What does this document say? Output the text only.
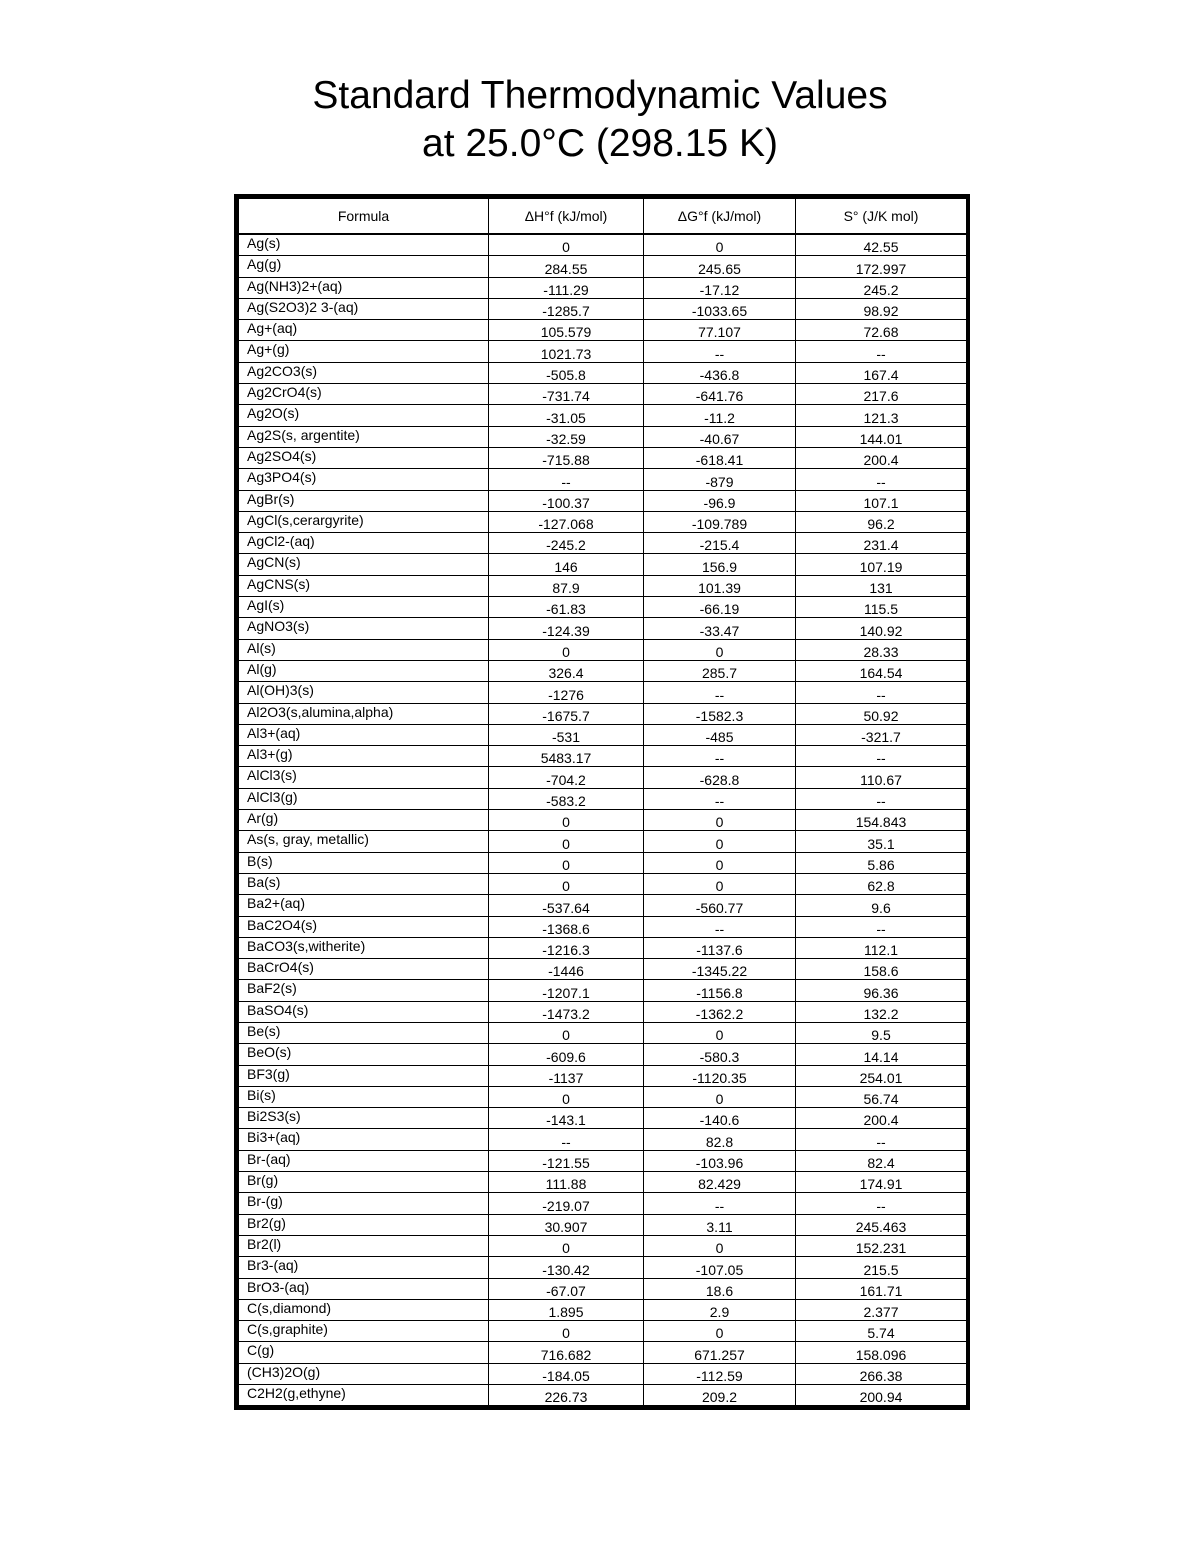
Standard Thermodynamic Values
at 25.0°C (298.15 K)
Formula	ΔH°f (kJ/mol)	ΔG°f (kJ/mol)	S° (J/K mol)
Ag(s)	0	0	42.55
Ag(g)	284.55	245.65	172.997
Ag(NH3)2+(aq)	-111.29	-17.12	245.2
Ag(S2O3)2 3-(aq)	-1285.7	-1033.65	98.92
Ag+(aq)	105.579	77.107	72.68
Ag+(g)	1021.73	--	--
Ag2CO3(s)	-505.8	-436.8	167.4
Ag2CrO4(s)	-731.74	-641.76	217.6
Ag2O(s)	-31.05	-11.2	121.3
Ag2S(s, argentite)	-32.59	-40.67	144.01
Ag2SO4(s)	-715.88	-618.41	200.4
Ag3PO4(s)	--	-879	--
AgBr(s)	-100.37	-96.9	107.1
AgCl(s,cerargyrite)	-127.068	-109.789	96.2
AgCl2-(aq)	-245.2	-215.4	231.4
AgCN(s)	146	156.9	107.19
AgCNS(s)	87.9	101.39	131
AgI(s)	-61.83	-66.19	115.5
AgNO3(s)	-124.39	-33.47	140.92
Al(s)	0	0	28.33
Al(g)	326.4	285.7	164.54
Al(OH)3(s)	-1276	--	--
Al2O3(s,alumina,alpha)	-1675.7	-1582.3	50.92
Al3+(aq)	-531	-485	-321.7
Al3+(g)	5483.17	--	--
AlCl3(s)	-704.2	-628.8	110.67
AlCl3(g)	-583.2	--	--
Ar(g)	0	0	154.843
As(s, gray, metallic)	0	0	35.1
B(s)	0	0	5.86
Ba(s)	0	0	62.8
Ba2+(aq)	-537.64	-560.77	9.6
BaC2O4(s)	-1368.6	--	--
BaCO3(s,witherite)	-1216.3	-1137.6	112.1
BaCrO4(s)	-1446	-1345.22	158.6
BaF2(s)	-1207.1	-1156.8	96.36
BaSO4(s)	-1473.2	-1362.2	132.2
Be(s)	0	0	9.5
BeO(s)	-609.6	-580.3	14.14
BF3(g)	-1137	-1120.35	254.01
Bi(s)	0	0	56.74
Bi2S3(s)	-143.1	-140.6	200.4
Bi3+(aq)	--	82.8	--
Br-(aq)	-121.55	-103.96	82.4
Br(g)	111.88	82.429	174.91
Br-(g)	-219.07	--	--
Br2(g)	30.907	3.11	245.463
Br2(l)	0	0	152.231
Br3-(aq)	-130.42	-107.05	215.5
BrO3-(aq)	-67.07	18.6	161.71
C(s,diamond)	1.895	2.9	2.377
C(s,graphite)	0	0	5.74
C(g)	716.682	671.257	158.096
(CH3)2O(g)	-184.05	-112.59	266.38
C2H2(g,ethyne)	226.73	209.2	200.94
